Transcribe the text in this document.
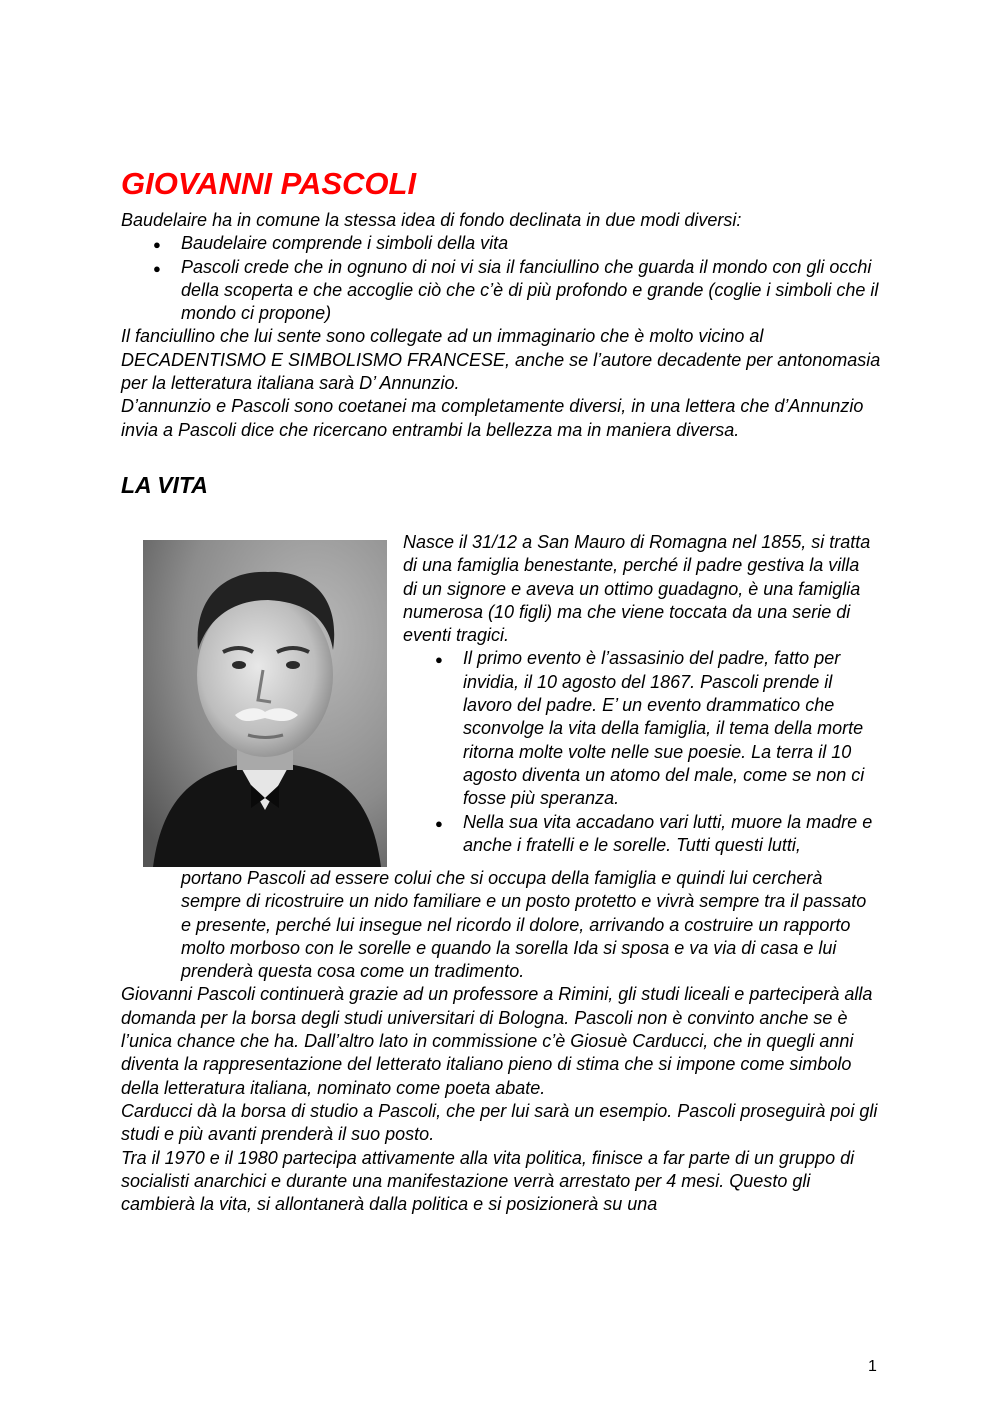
GIOVANNI PASCOLI

Baudelaire ha in comune la stessa idea di fondo declinata in due modi diversi:

● Baudelaire comprende i simboli della vita
● Pascoli crede che in ognuno di noi vi sia il fanciullino che guarda il mondo con gli occhi della scoperta e che accoglie ciò che c’è di più profondo e grande (coglie i simboli che il mondo ci propone)

Il fanciullino che lui sente sono collegate ad un immaginario che è molto vicino al DECADENTISMO E SIMBOLISMO FRANCESE, anche se l’autore decadente per antonomasia per la letteratura italiana sarà D’ Annunzio.

D’annunzio e Pascoli sono coetanei ma completamente diversi, in una lettera che d’Annunzio invia a Pascoli dice che ricercano entrambi la bellezza ma in maniera diversa.

LA VITA

Nasce il 31/12 a San Mauro di Romagna nel 1855, si tratta di una famiglia benestante, perché il padre gestiva la villa di un signore e aveva un ottimo guadagno, è una famiglia numerosa (10 figli) ma che viene toccata da una serie di eventi tragici.

● Il primo evento è l’assasinio del padre, fatto per invidia, il 10 agosto del 1867. Pascoli prende il lavoro del padre. E’ un evento drammatico che sconvolge la vita della famiglia, il tema della morte ritorna molte volte nelle sue poesie. La terra il 10 agosto diventa un atomo del male, come se non ci fosse più speranza.

● Nella sua vita accadano vari lutti, muore la madre e anche i fratelli e le sorelle. Tutti questi lutti,

portano Pascoli ad essere colui che si occupa della famiglia e quindi lui cercherà sempre di ricostruire un nido familiare e un posto protetto e vivrà sempre tra il passato e presente, perché lui insegue nel ricordo il dolore, arrivando a costruire un rapporto molto morboso con le sorelle e quando la sorella Ida si sposa e va via di casa e lui prenderà questa cosa come un tradimento.

Giovanni Pascoli continuerà grazie ad un professore a Rimini, gli studi liceali e parteciperà alla domanda per la borsa degli studi universitari di Bologna. Pascoli non è convinto anche se è l’unica chance che ha. Dall’altro lato in commissione c’è Giosuè Carducci, che in quegli anni diventa la rappresentazione del letterato italiano pieno di stima che si impone come simbolo della letteratura italiana, nominato come poeta abate.

Carducci dà la borsa di studio a Pascoli, che per lui sarà un esempio. Pascoli proseguirà poi gli studi e più avanti prenderà il suo posto.

Tra il 1970 e il 1980 partecipa attivamente alla vita politica, finisce a far parte di un gruppo di socialisti anarchici e durante una manifestazione verrà arrestato per 4 mesi. Questo gli cambierà la vita, si allontanerà dalla politica e si posizionerà su una

1
